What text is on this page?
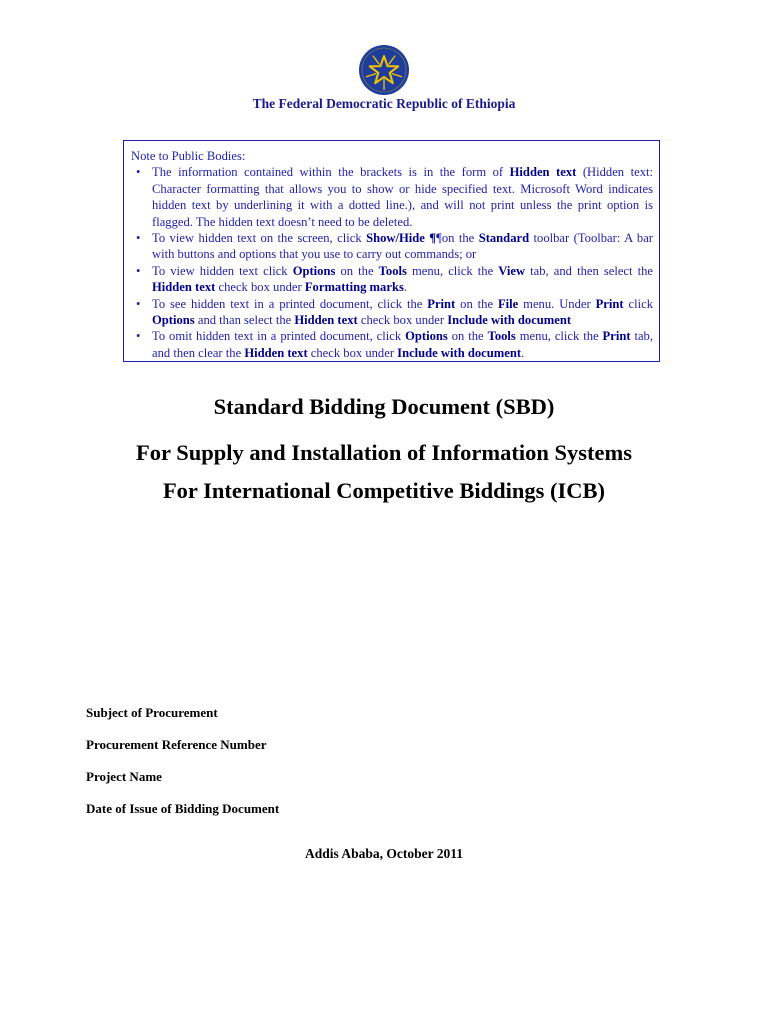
The Federal Democratic Republic of Ethiopia
Note to Public Bodies:
• The information contained within the brackets is in the form of Hidden text (Hidden text: Character formatting that allows you to show or hide specified text. Microsoft Word indicates hidden text by underlining it with a dotted line.), and will not print unless the print option is flagged. The hidden text doesn’t need to be deleted.
• To view hidden text on the screen, click Show/Hide ¶¶on the Standard toolbar (Toolbar: A bar with buttons and options that you use to carry out commands; or
• To view hidden text click Options on the Tools menu, click the View tab, and then select the Hidden text check box under Formatting marks.
• To see hidden text in a printed document, click the Print on the File menu. Under Print click Options and than select the Hidden text check box under Include with document
• To omit hidden text in a printed document, click Options on the Tools menu, click the Print tab, and then clear the Hidden text check box under Include with document.
Standard Bidding Document (SBD)
For Supply and Installation of Information Systems
For International Competitive Biddings (ICB)
Subject of Procurement
Procurement Reference Number
Project Name
Date of Issue of Bidding Document
Addis Ababa, October 2011
